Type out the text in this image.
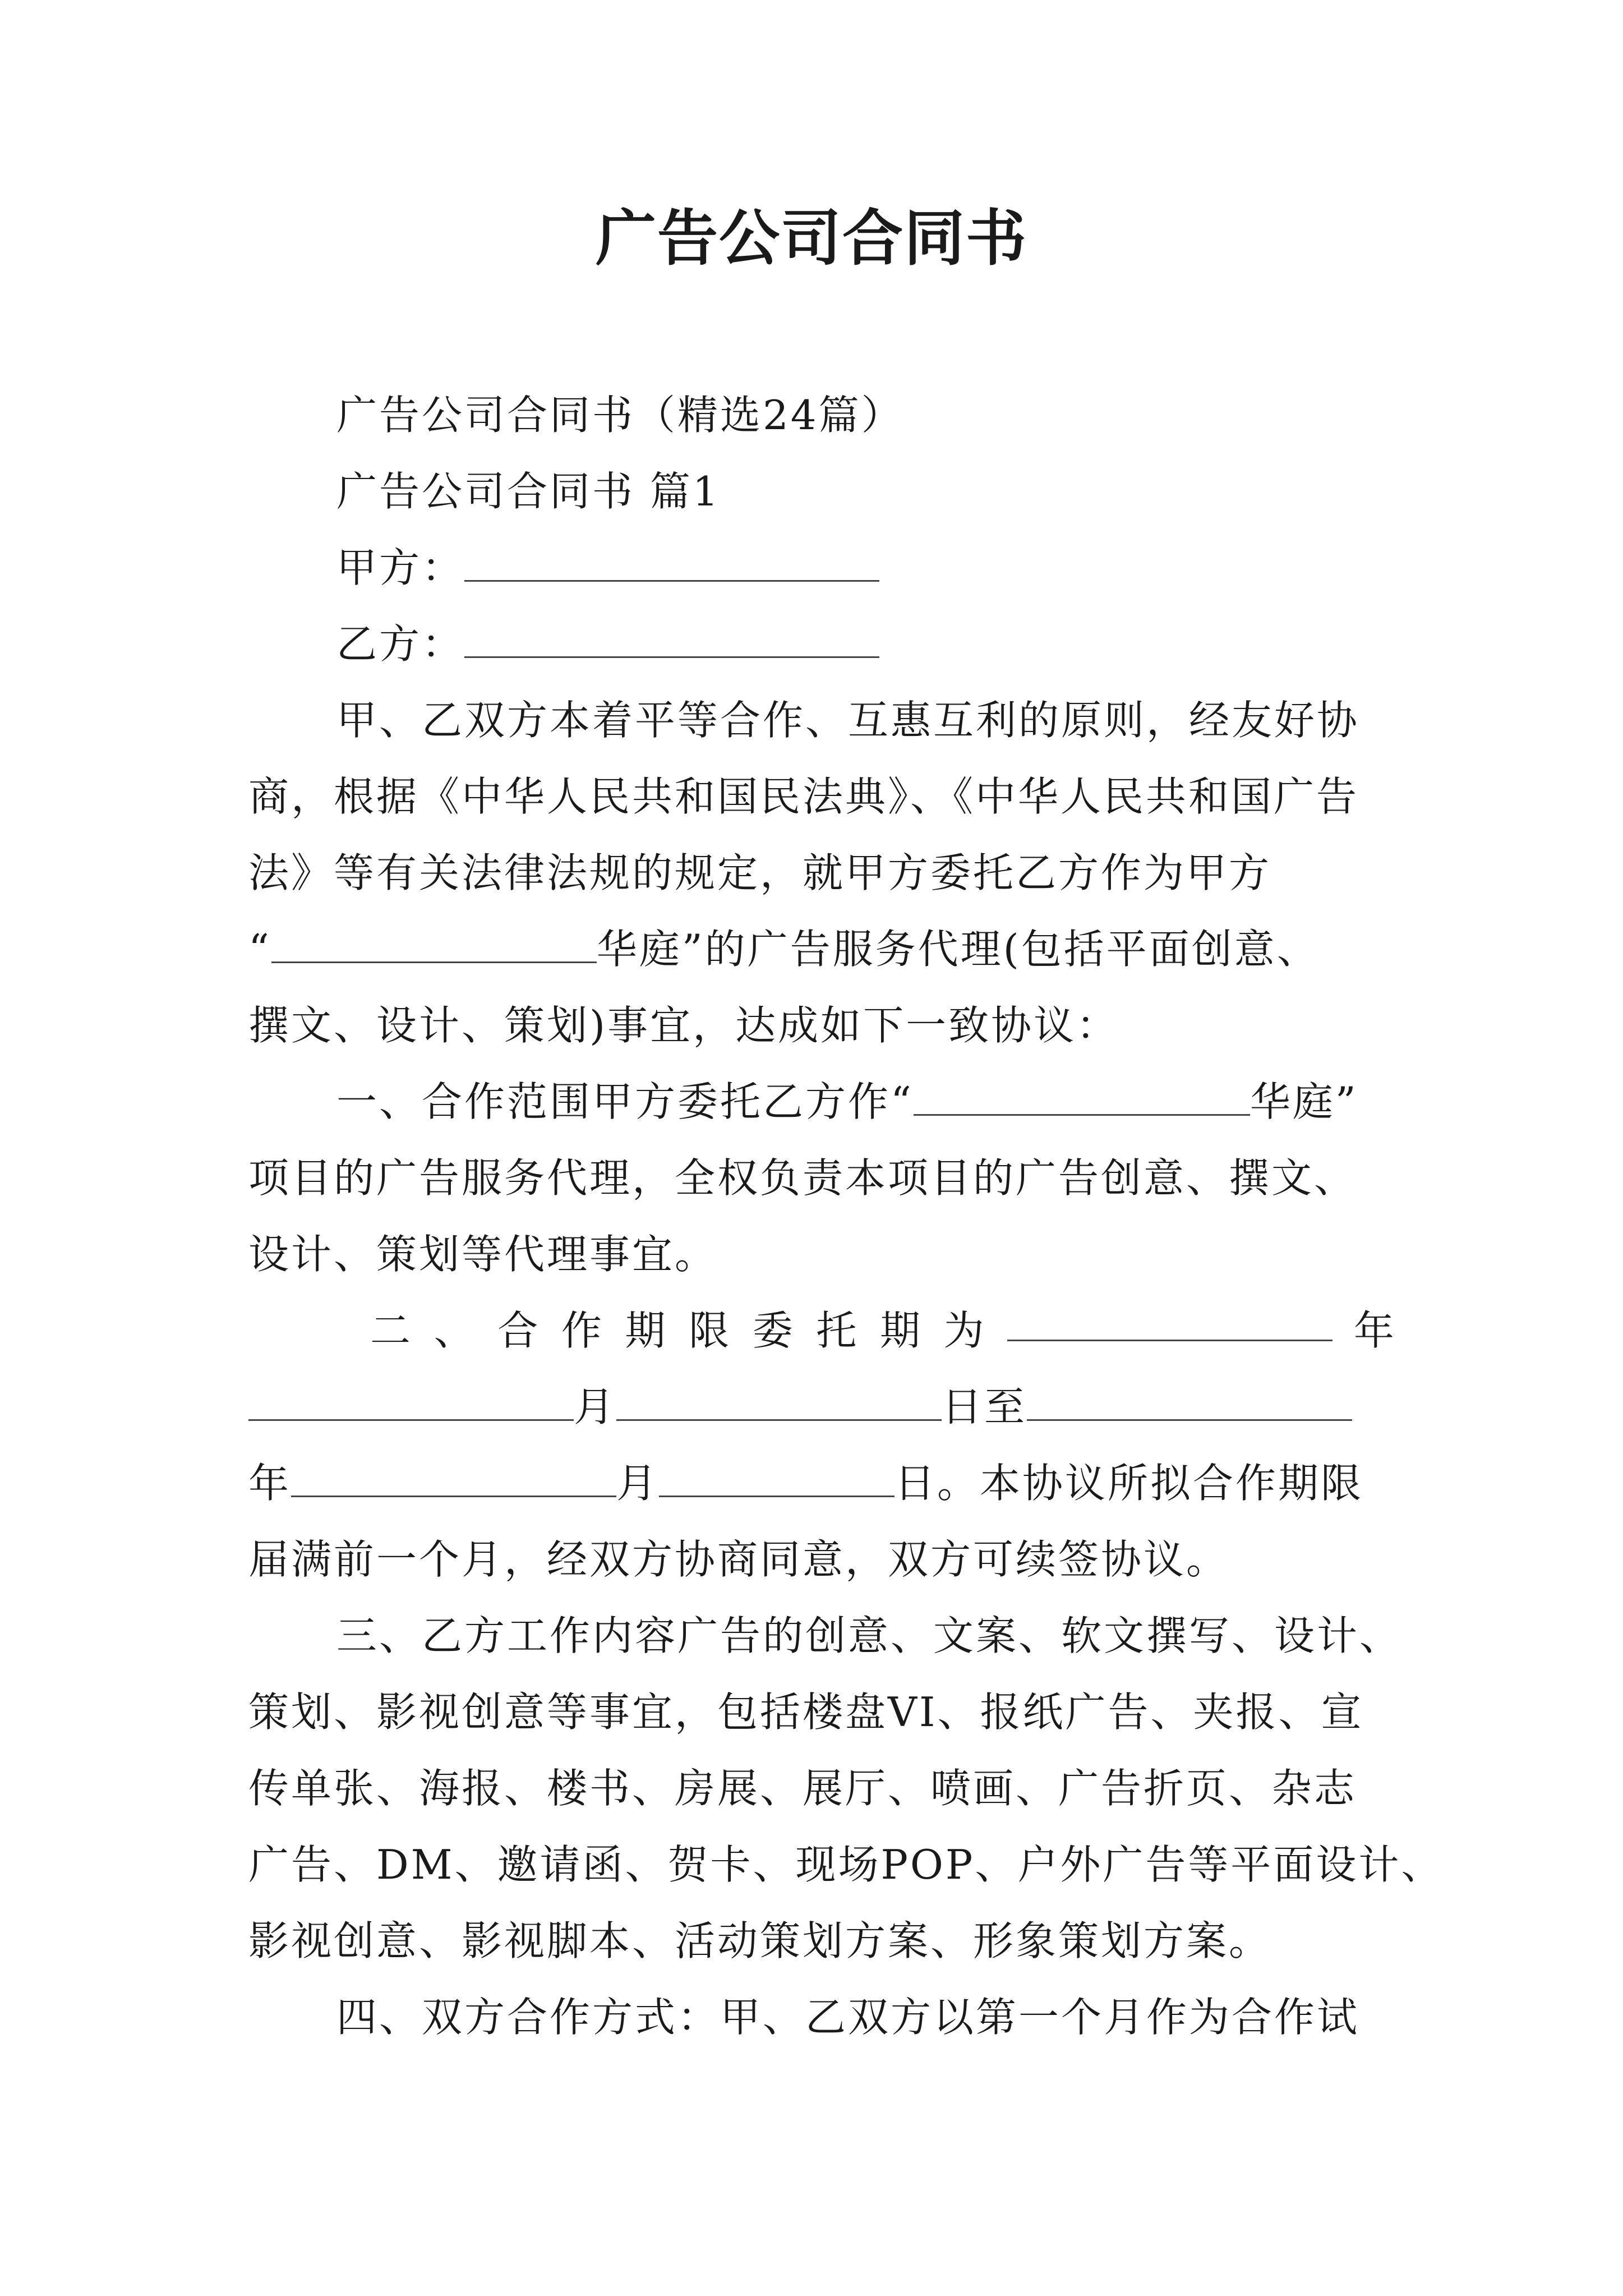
广告公司合同书
广告公司合同书（精选24篇）
广告公司合同书 篇1
甲方：
乙方：
甲、乙双方本着平等合作、互惠互利的原则，经友好协
商，根据《中华人民共和国民法典》、《中华人民共和国广告
法》等有关法律法规的规定，就甲方委托乙方作为甲方
“	华庭”的广告服务代理(包括平面创意、
撰文、设计、策划)事宜，达成如下一致协议：
一、合作范围甲方委托乙方作“	华庭”
项目的广告服务代理，全权负责本项目的广告创意、撰文、
设计、策划等代理事宜。
二 、 合 作 期 限 委 托 期 为	年
月	日至
年	月	日。本协议所拟合作期限
届满前一个月，经双方协商同意，双方可续签协议。
三、乙方工作内容广告的创意、文案、软文撰写、设计、
策划、影视创意等事宜，包括楼盘VI、报纸广告、夹报、宣
传单张、海报、楼书、房展、展厅、喷画、广告折页、杂志
广告、DM、邀请函、贺卡、现场POP、户外广告等平面设计、
影视创意、影视脚本、活动策划方案、形象策划方案。
四、双方合作方式：甲、乙双方以第一个月作为合作试
